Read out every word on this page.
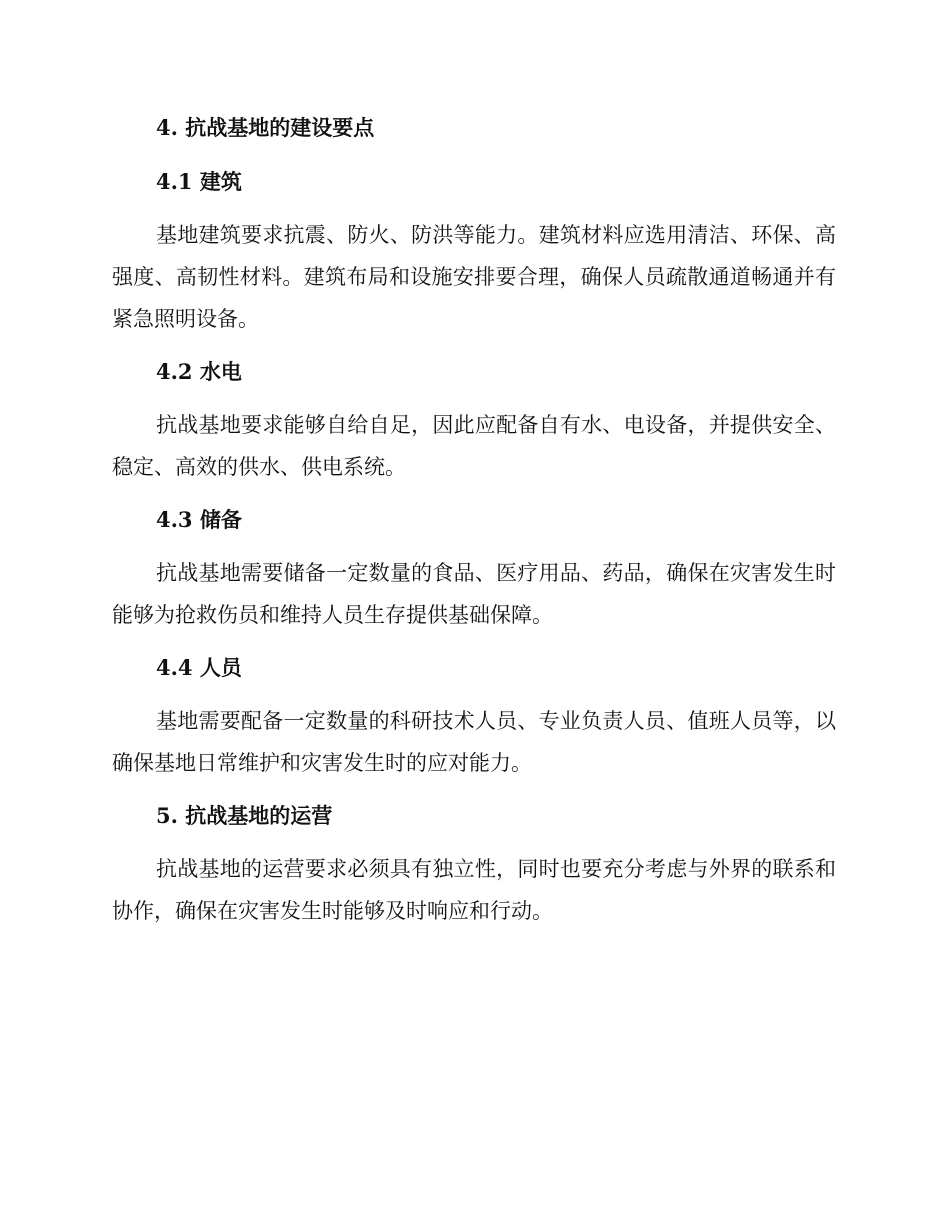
4. 抗战基地的建设要点
4.1 建筑

基地建筑要求抗震、防火、防洪等能力。建筑材料应选用清洁、环保、高强度、高韧性材料。建筑布局和设施安排要合理，确保人员疏散通道畅通并有紧急照明设备。

4.2 水电

抗战基地要求能够自给自足，因此应配备自有水、电设备，并提供安全、稳定、高效的供水、供电系统。

4.3 储备

抗战基地需要储备一定数量的食品、医疗用品、药品，确保在灾害发生时能够为抢救伤员和维持人员生存提供基础保障。

4.4 人员

基地需要配备一定数量的科研技术人员、专业负责人员、值班人员等，以确保基地日常维护和灾害发生时的应对能力。

5. 抗战基地的运营

抗战基地的运营要求必须具有独立性，同时也要充分考虑与外界的联系和协作，确保在灾害发生时能够及时响应和行动。
